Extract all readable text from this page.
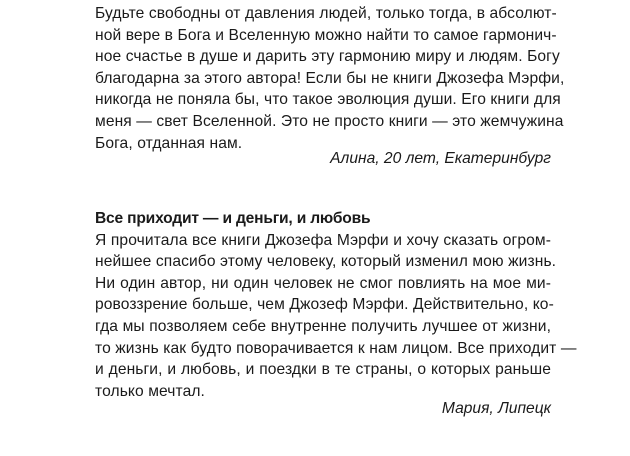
Будьте свободны от давления людей, только тогда, в абсолют-
ной вере в Бога и Вселенную можно найти то самое гармонич-
ное счастье в душе и дарить эту гармонию миру и людям. Богу
благодарна за этого автора! Если бы не книги Джозефа Мэрфи,
никогда не поняла бы, что такое эволюция души. Его книги для
меня — свет Вселенной. Это не просто книги — это жемчужина
Бога, отданная нам.
Алина, 20 лет, Екатеринбург
Все приходит — и деньги, и любовь
Я прочитала все книги Джозефа Мэрфи и хочу сказать огром-
нейшее спасибо этому человеку, который изменил мою жизнь.
Ни один автор, ни один человек не смог повлиять на мое ми-
ровоззрение больше, чем Джозеф Мэрфи. Действительно, ко-
гда мы позволяем себе внутренне получить лучшее от жизни,
то жизнь как будто поворачивается к нам лицом. Все приходит —
и деньги, и любовь, и поездки в те страны, о которых раньше
только мечтал.
Мария, Липецк
